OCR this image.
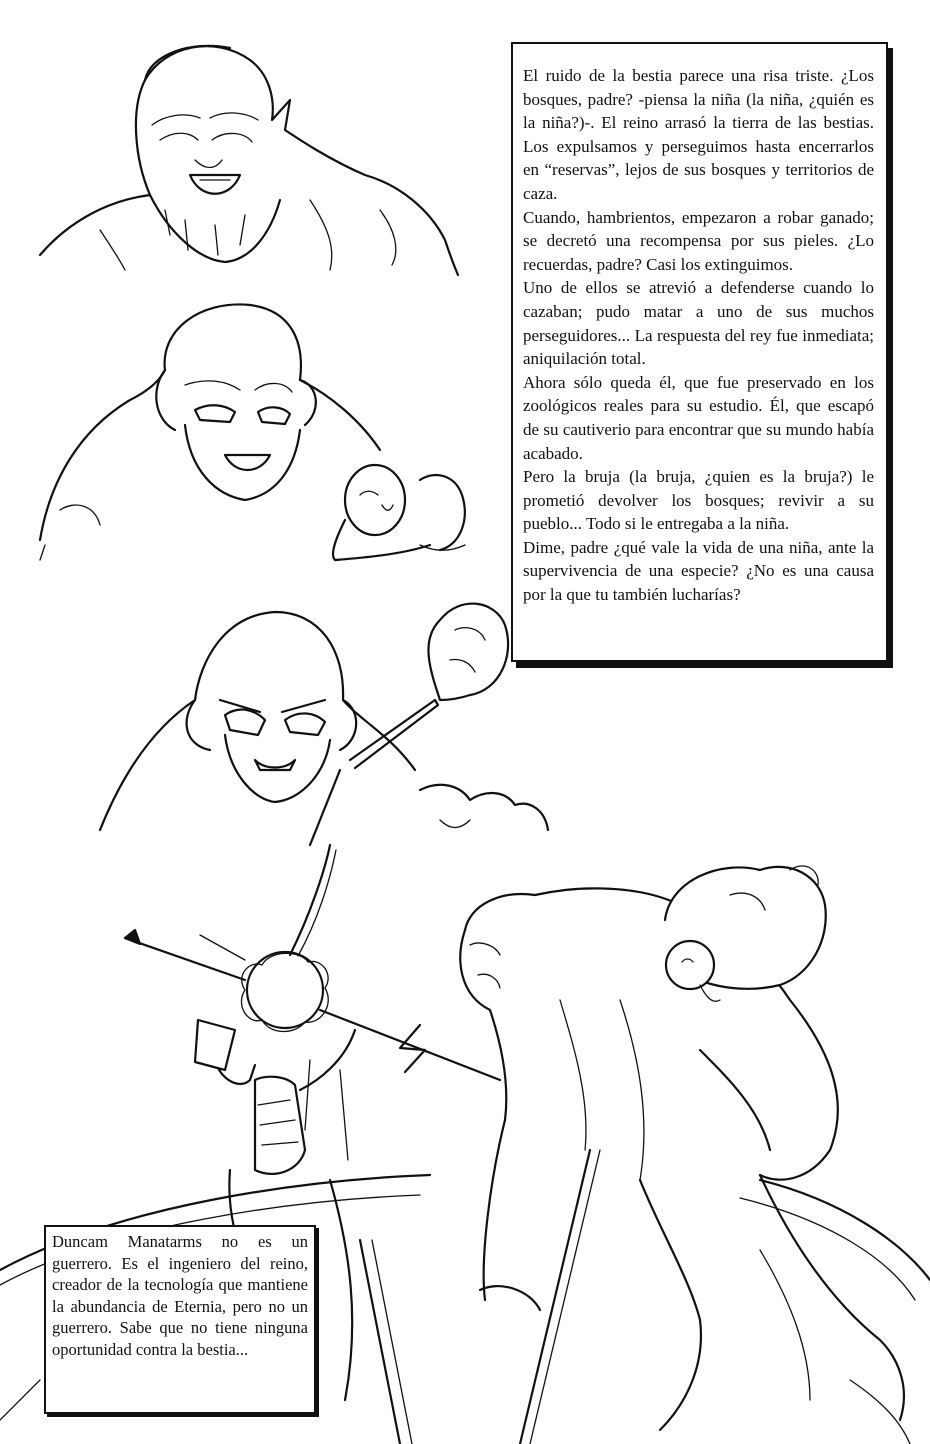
El ruido de la bestia parece una risa triste. ¿Los bosques, padre? -piensa la niña (la niña, ¿quién es la niña?)-. El reino arrasó la tierra de las bestias. Los expulsamos y perseguimos hasta encerrarlos en “reservas”, lejos de sus bosques y territorios de caza.

Cuando, hambrientos, empezaron a robar ganado; se decretó una recompensa por sus pieles. ¿Lo recuerdas, padre? Casi los extinguimos.

Uno de ellos se atrevió a defenderse cuando lo cazaban; pudo matar a uno de sus muchos perseguidores... La respuesta del rey fue inmediata; aniquilación total.

Ahora sólo queda él, que fue preservado en los zoológicos reales para su estudio. Él, que escapó de su cautiverio para encontrar que su mundo había acabado.

Pero la bruja (la bruja, ¿quien es la bruja?) le prometió devolver los bosques; revivir a su pueblo... Todo si le entregaba a la niña.

Dime, padre ¿qué vale la vida de una niña, ante la supervivencia de una especie? ¿No es una causa por la que tu también lucharías?

Duncam Manatarms no es un guerrero. Es el ingeniero del reino, creador de la tecnología que mantiene la abundancia de Eternia, pero no un guerrero. Sabe que no tiene ninguna oportunidad contra la bestia...
